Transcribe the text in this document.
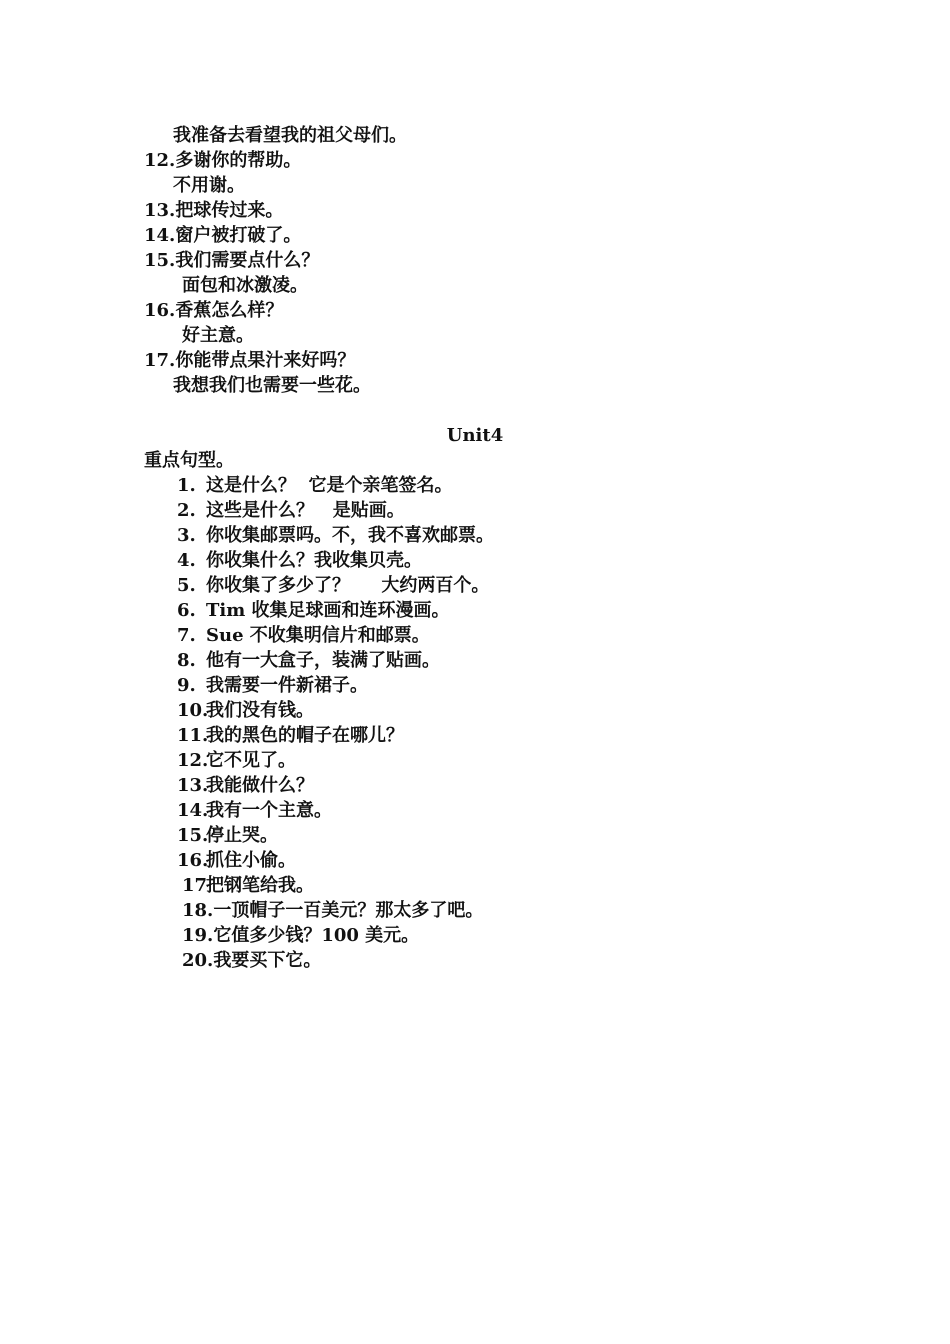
我准备去看望我的祖父母们。
12.多谢你的帮助。
不用谢。
13.把球传过来。
14.窗户被打破了。
15.我们需要点什么？
面包和冰激凌。
16.香蕉怎么样？
好主意。
17.你能带点果汁来好吗？
我想我们也需要一些花。
Unit4
重点句型。
1. 这是什么？  它是个亲笔签名。
2. 这些是什么？   是贴画。
3. 你收集邮票吗。不，我不喜欢邮票。
4. 你收集什么？我收集贝壳。
5. 你收集了多少了？     大约两百个。
6. Tim 收集足球画和连环漫画。
7. Sue 不收集明信片和邮票。
8. 他有一大盒子，装满了贴画。
9. 我需要一件新裙子。
10.我们没有钱。
11.我的黑色的帽子在哪儿？
12.它不见了。
13.我能做什么？
14.我有一个主意。
15.停止哭。
16.抓住小偷。
17把钢笔给我。
18.一顶帽子一百美元？那太多了吧。
19.它值多少钱？100 美元。
20.我要买下它。
